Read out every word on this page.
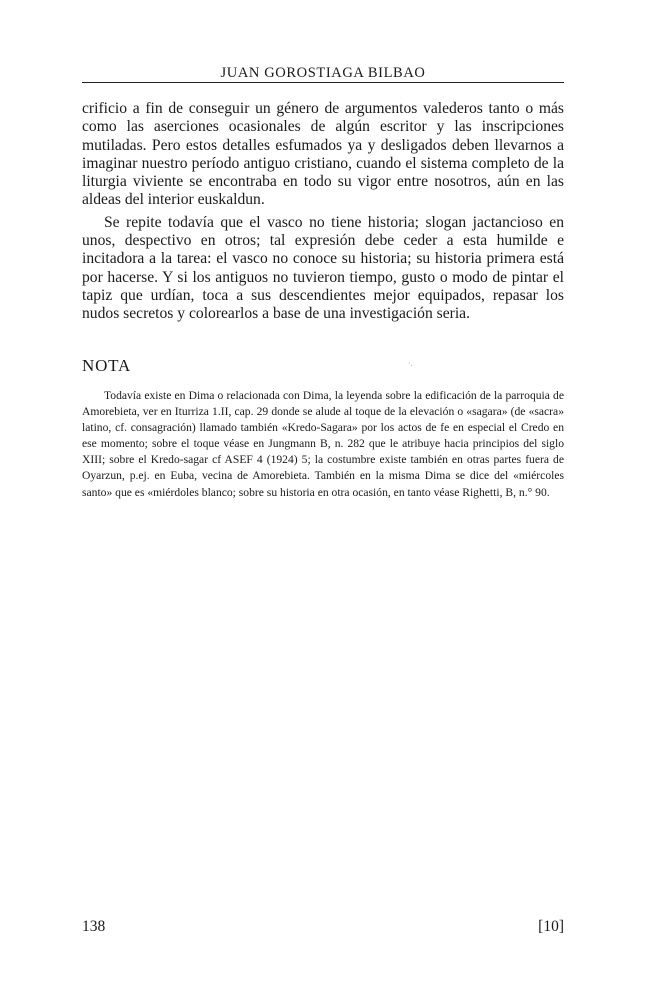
JUAN GOROSTIAGA BILBAO

crificio a fin de conseguir un género de argumentos valederos tanto o más como las aserciones ocasionales de algún escritor y las inscripciones mutiladas. Pero estos detalles esfumados ya y desligados deben llevarnos a imaginar nuestro período antiguo cristiano, cuando el sistema completo de la liturgia viviente se encontraba en todo su vigor entre nosotros, aún en las aldeas del interior euskaldun.

Se repite todavía que el vasco no tiene historia; slogan jactancioso en unos, despectivo en otros; tal expresión debe ceder a esta humilde e incitadora a la tarea: el vasco no conoce su historia; su historia primera está por hacerse. Y si los antiguos no tuvieron tiempo, gusto o modo de pintar el tapiz que urdían, toca a sus descendientes mejor equipados, repasar los nudos secretos y colorearlos a base de una investigación seria.

NOTA	·.

Todavía existe en Dima o relacionada con Dima, la leyenda sobre la edificación de la parroquia de Amorebieta, ver en Iturriza 1.II, cap. 29 donde se alude al toque de la elevación o «sagara» (de «sacra» latino, cf. consagración) llamado también «Kredo-Sagara» por los actos de fe en especial el Credo en ese momento; sobre el toque véase en Jungmann B, n. 282 que le atribuye hacia principios del siglo XIII; sobre el Kredo-sagar cf ASEF 4 (1924) 5; la costumbre existe también en otras partes fuera de Oyarzun, p.ej. en Euba, vecina de Amorebieta. También en la misma Dima se dice del «miércoles santo» que es «miérdoles blanco; sobre su historia en otra ocasión, en tanto véase Righetti, B, n.° 90.

138	[10]
